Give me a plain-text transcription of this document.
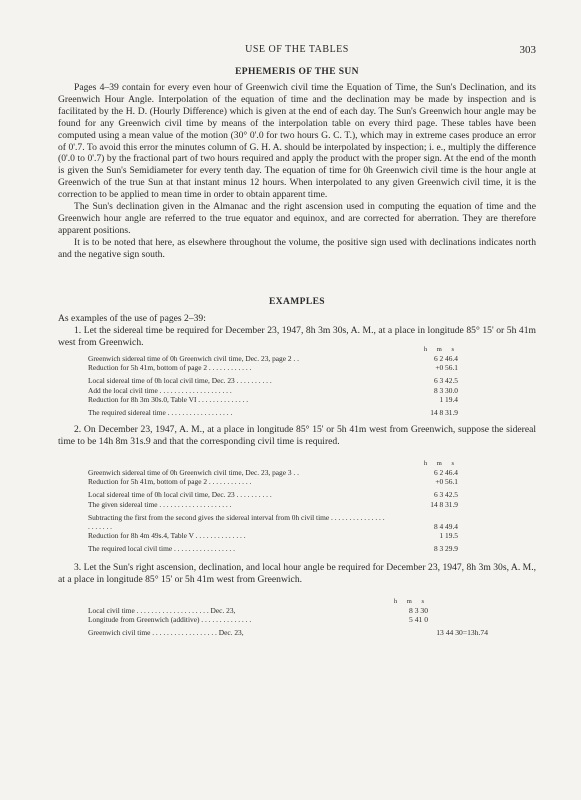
USE OF THE TABLES	303
EPHEMERIS OF THE SUN

Pages 4–39 contain for every even hour of Greenwich civil time the Equation of Time, the Sun's Declination, and its Greenwich Hour Angle. Interpolation of the equation of time and the declination may be made by inspection and is facilitated by the H. D. (Hourly Difference) which is given at the end of each day. The Sun's Greenwich hour angle may be found for any Greenwich civil time by means of the interpolation table on every third page. These tables have been computed using a mean value of the motion (30° 0'.0 for two hours G. C. T.), which may in extreme cases produce an error of 0'.7. To avoid this error the minutes column of G. H. A. should be interpolated by inspection; i. e., multiply the difference (0'.0 to 0'.7) by the fractional part of two hours required and apply the product with the proper sign. At the end of the month is given the Sun's Semidiameter for every tenth day. The equation of time for 0h Greenwich civil time is the hour angle at Greenwich of the true Sun at that instant minus 12 hours. When interpolated to any given Greenwich civil time, it is the correction to be applied to mean time in order to obtain apparent time.

The Sun's declination given in the Almanac and the right ascension used in computing the equation of time and the Greenwich hour angle are referred to the true equator and equinox, and are corrected for aberration. They are therefore apparent positions.

It is to be noted that here, as elsewhere throughout the volume, the positive sign used with declinations indicates north and the negative sign south.

EXAMPLES

As examples of the use of pages 2–39:

1. Let the sidereal time be required for December 23, 1947, 8h 3m 30s, A. M., at a place in longitude 85° 15' or 5h 41m west from Greenwich.

h m s
Greenwich sidereal time of 0h Greenwich civil time, Dec. 23, page 2 . .	6 2 46.4
Reduction for 5h 41m, bottom of page 2 . . . . . . . . . . . .	+0 56.1
Local sidereal time of 0h local civil time, Dec. 23 . . . . . . . . . .	6 3 42.5
Add the local civil time . . . . . . . . . . . . . . . . . . . .	8 3 30.0
Reduction for 8h 3m 30s.0, Table VI . . . . . . . . . . . . . .	1 19.4
The required sidereal time . . . . . . . . . . . . . . . . . .	14 8 31.9

2. On December 23, 1947, A. M., at a place in longitude 85° 15' or 5h 41m west from Greenwich, suppose the sidereal time to be 14h 8m 31s.9 and that the corresponding civil time is required.

h m s
Greenwich sidereal time of 0h Greenwich civil time, Dec. 23, page 3 . .	6 2 46.4
Reduction for 5h 41m, bottom of page 2 . . . . . . . . . . . .	+0 56.1
Local sidereal time of 0h local civil time, Dec. 23 . . . . . . . . . .	6 3 42.5
The given sidereal time . . . . . . . . . . . . . . . . . . . .	14 8 31.9
Subtracting the first from the second gives the sidereal interval from 0h civil time . . . . . . . . . . . . . . . . . . . . . .	8 4 49.4
Reduction for 8h 4m 49s.4, Table V . . . . . . . . . . . . . .	1 19.5
The required local civil time . . . . . . . . . . . . . . . . .	8 3 29.9

3. Let the Sun's right ascension, declination, and local hour angle be required for December 23, 1947, 8h 3m 30s, A. M., at a place in longitude 85° 15' or 5h 41m west from Greenwich.

h m s
Local civil time . . . . . . . . . . . . . . . . . . . . Dec. 23,	8 3 30
Longitude from Greenwich (additive) . . . . . . . . . . . . . .	5 41 0
Greenwich civil time . . . . . . . . . . . . . . . . . . Dec. 23,	13 44 30=13h.74
